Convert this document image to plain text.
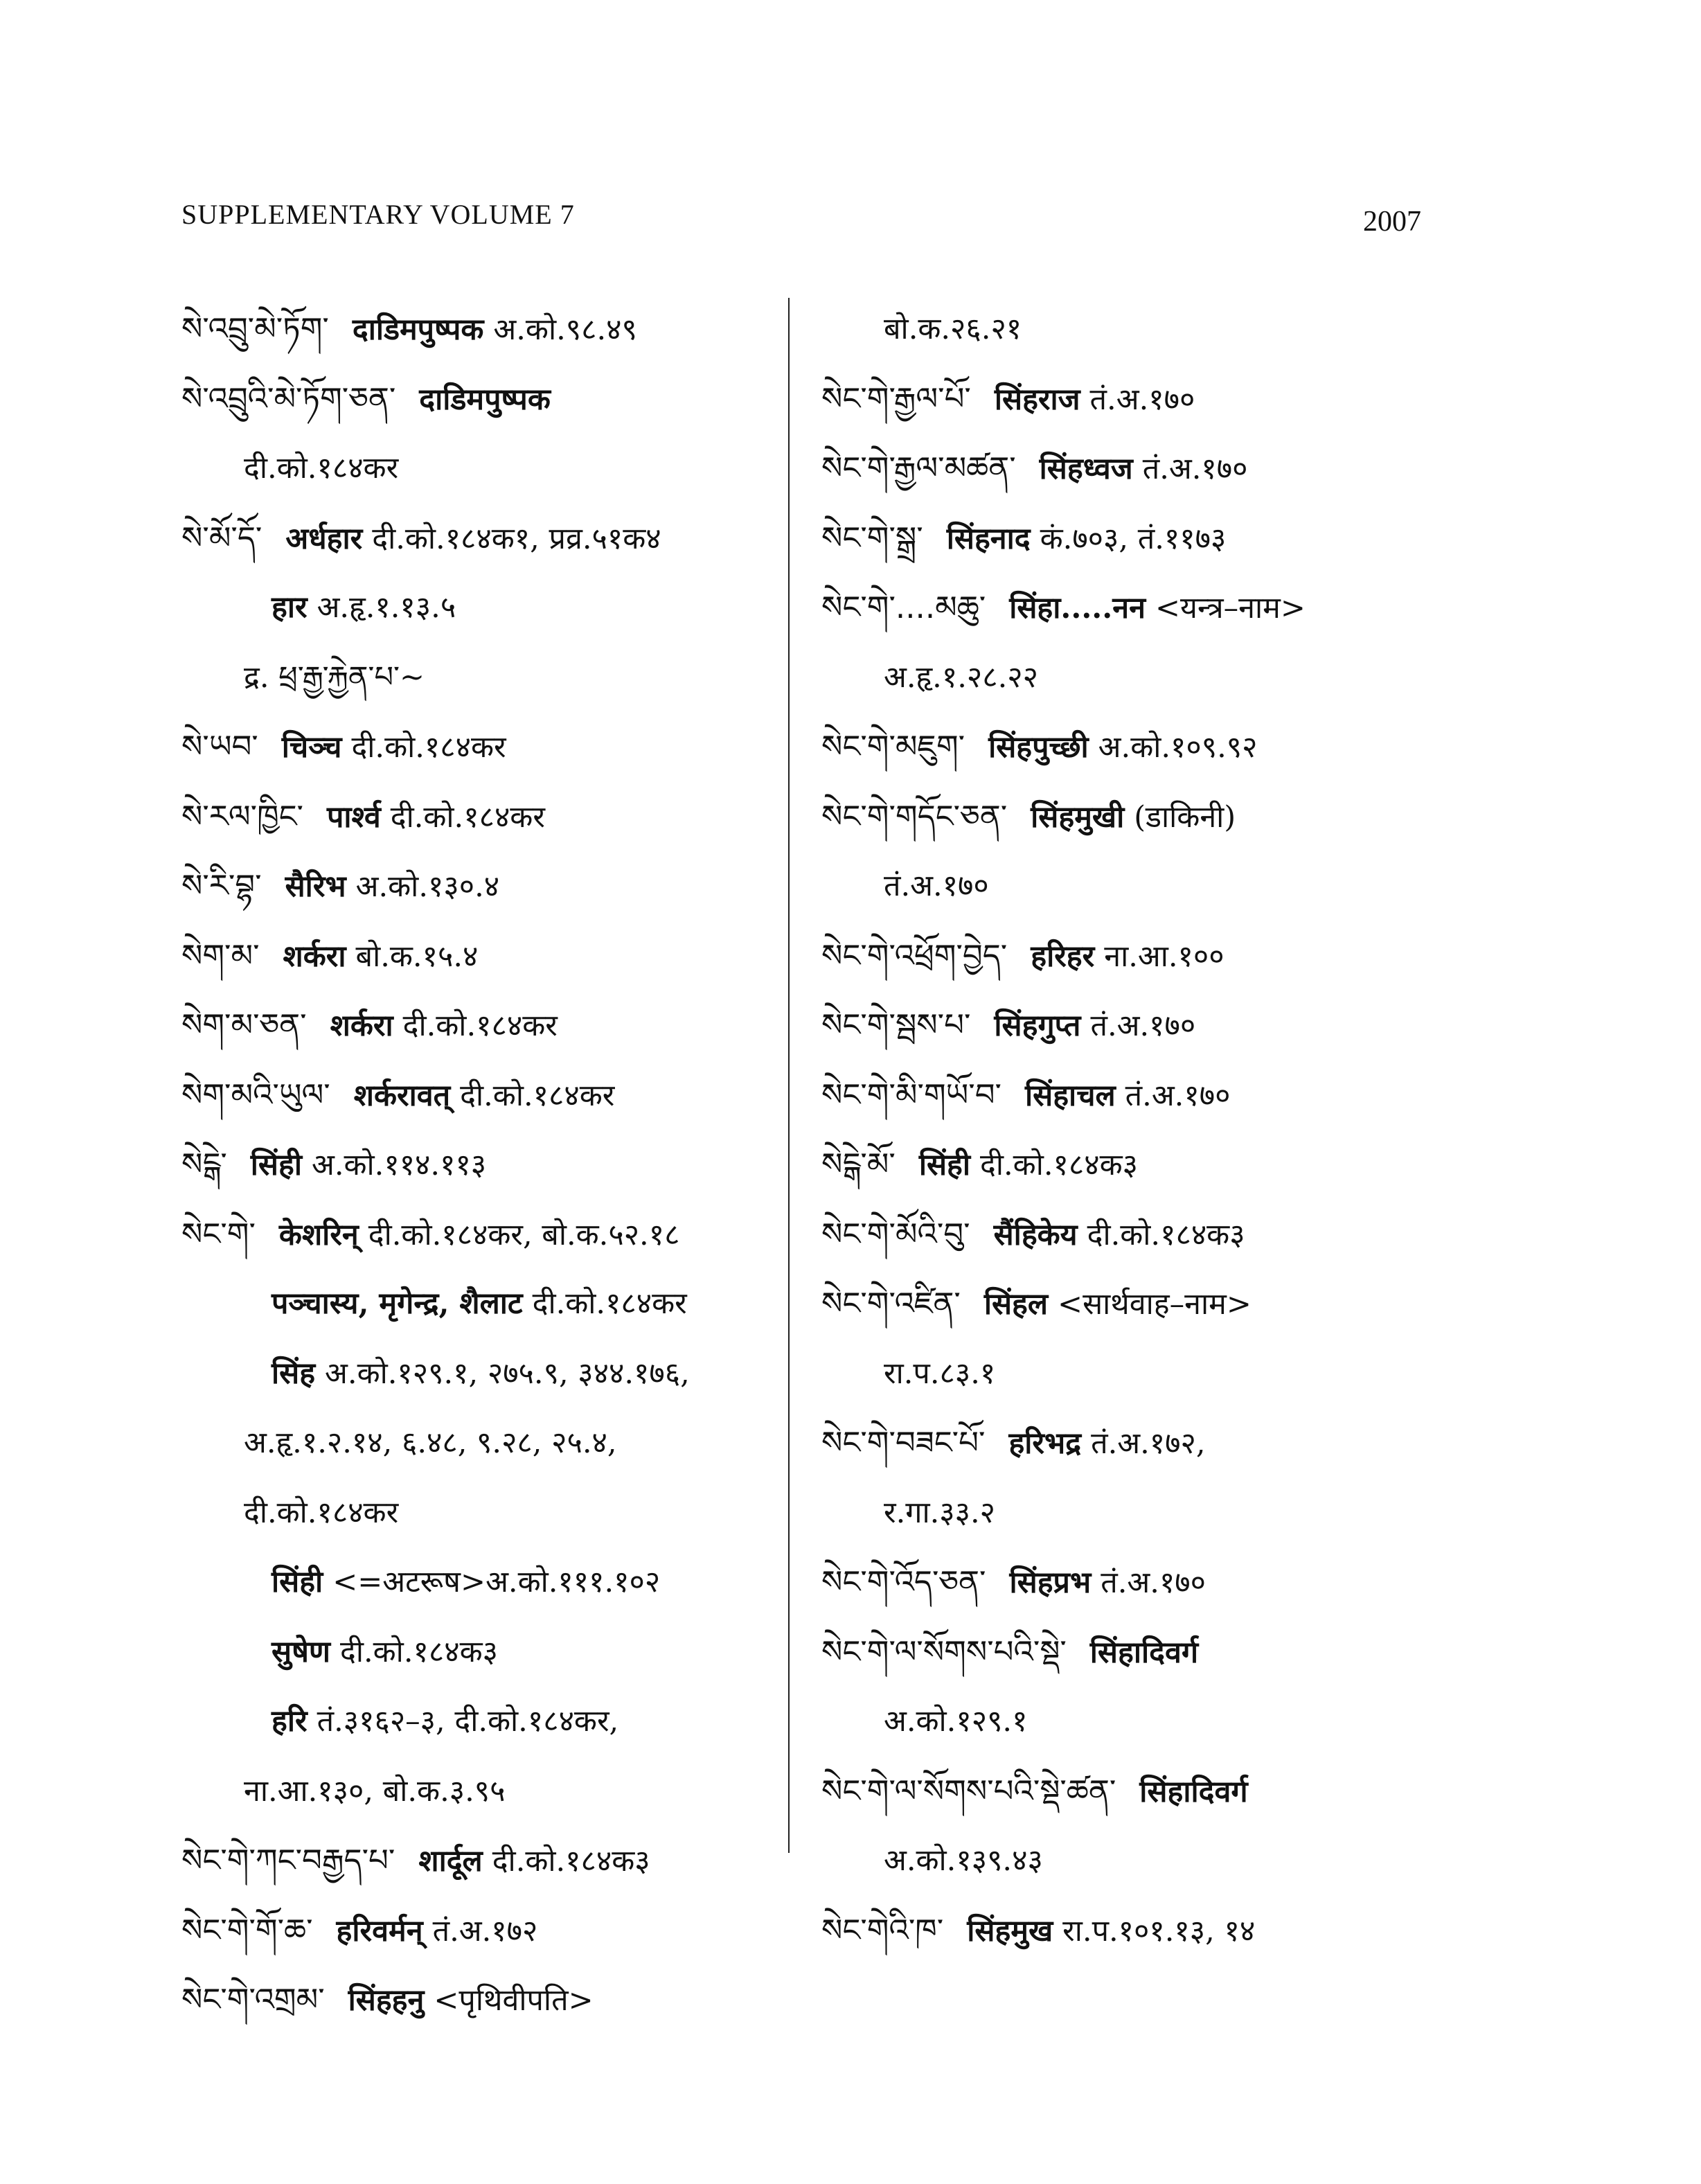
SUPPLEMENTARY VOLUME 7	2007
སེ་འབྲུ་མེ་ཏོག་ दाडिमपुष्पक अ.को.९८.४९
སེ་འབྲུའི་མེ་ཏོག་ཅན་ दाडिमपुष्पक
दी.को.१८४कर
སེ་མོ་དོ་ अर्धहार दी.को.१८४क१, प्रव्र.५१क४
हार अ.हृ.१.१३.५
द्र. ཕྲ་རྒྱ་རྐྱེན་པ་~
སེ་ཡབ་ चिञ्च दी.को.१८४कर
སེ་རལ་ཁྱིང་ पार्श्व दी.को.१८४कर
སེ་རི་བྷ་ सैरिभ अ.को.१३०.४
སེག་མ་ शर्करा बो.क.१५.४
སེག་མ་ཅན་ शर्करा दी.को.१८४कर
སེག་མའི་ཡུལ་ शर्करावत् दी.को.१८४कर
སེངྒེ་ सिंही अ.को.११४.११३
སེང་གེ་ केशरिन् दी.को.१८४कर, बो.क.५२.१८
पञ्चास्य, मृगेन्द्र, शैलाट दी.को.१८४कर
सिंह अ.को.१२९.१, २७५.९, ३४४.१७६,
अ.हृ.१.२.१४, ६.४८, ९.२८, २५.४,
दी.को.१८४कर
सिंही <=अटरूष>अ.को.१११.१०२
सुषेण दी.को.१८४क३
हरि तं.३१६२–३, दी.को.१८४कर,
ना.आ.१३०, बो.क.३.९५
སེང་གེ་ཀང་བརྒྱད་པ་ शार्दूल दी.को.१८४क३
སེང་གེ་གོ་ཆ་ हरिवर्मन् तं.अ.१७२
སེང་གེ་འགྲམ་ सिंहहनु <पृथिवीपति>
बो.क.२६.२१
སེང་གེ་རྒྱལ་པོ་ सिंहराज तं.अ.१७०
སེང་གེ་རྒྱལ་མཚན་ सिंहध्वज तं.अ.१७०
སེང་གེ་སྒྲ་ सिंहनाद कं.७०३, तं.११७३
སེང་གེ་....མཆུ་ सिंहा.....नन <यन्त्र–नाम>
अ.हृ.१.२८.२२
སེང་གེ་མཇུག་ सिंहपुच्छी अ.को.१०९.९२
སེང་གེ་གདོང་ཅན་ सिंहमुखी (डाकिनी)
तं.अ.१७०
སེང་གེ་འཕྲོག་བྱེད་ हरिहर ना.आ.१००
སེང་གེ་སྦས་པ་ सिंहगुप्त तं.अ.१७०
སེང་གེ་མི་གཡོ་བ་ सिंहाचल तं.अ.१७०
སེངྒེ་མོ་ सिंही दी.को.१८४क३
སེང་གེ་མོའི་བུ་ सैंहिकेय दी.को.१८४क३
སེང་གེ་འཛིན་ सिंहल <सार्थवाह–नाम>
रा.प.८३.१
སེང་གེ་བཟང་པོ་ हरिभद्र तं.अ.१७२,
र.गा.३३.२
སེང་གེ་འོད་ཅན་ सिंहप्रभ तं.अ.१७०
སེང་གེ་ལ་སོགས་པའི་སྡེ་ सिंहादिवर्ग
अ.को.१२९.१
སེང་གེ་ལ་སོགས་པའི་སྡེ་ཚན་ सिंहादिवर्ग
अ.को.१३९.४३
སེང་གེའི་ཁ་ सिंहमुख रा.प.१०१.१३, १४
